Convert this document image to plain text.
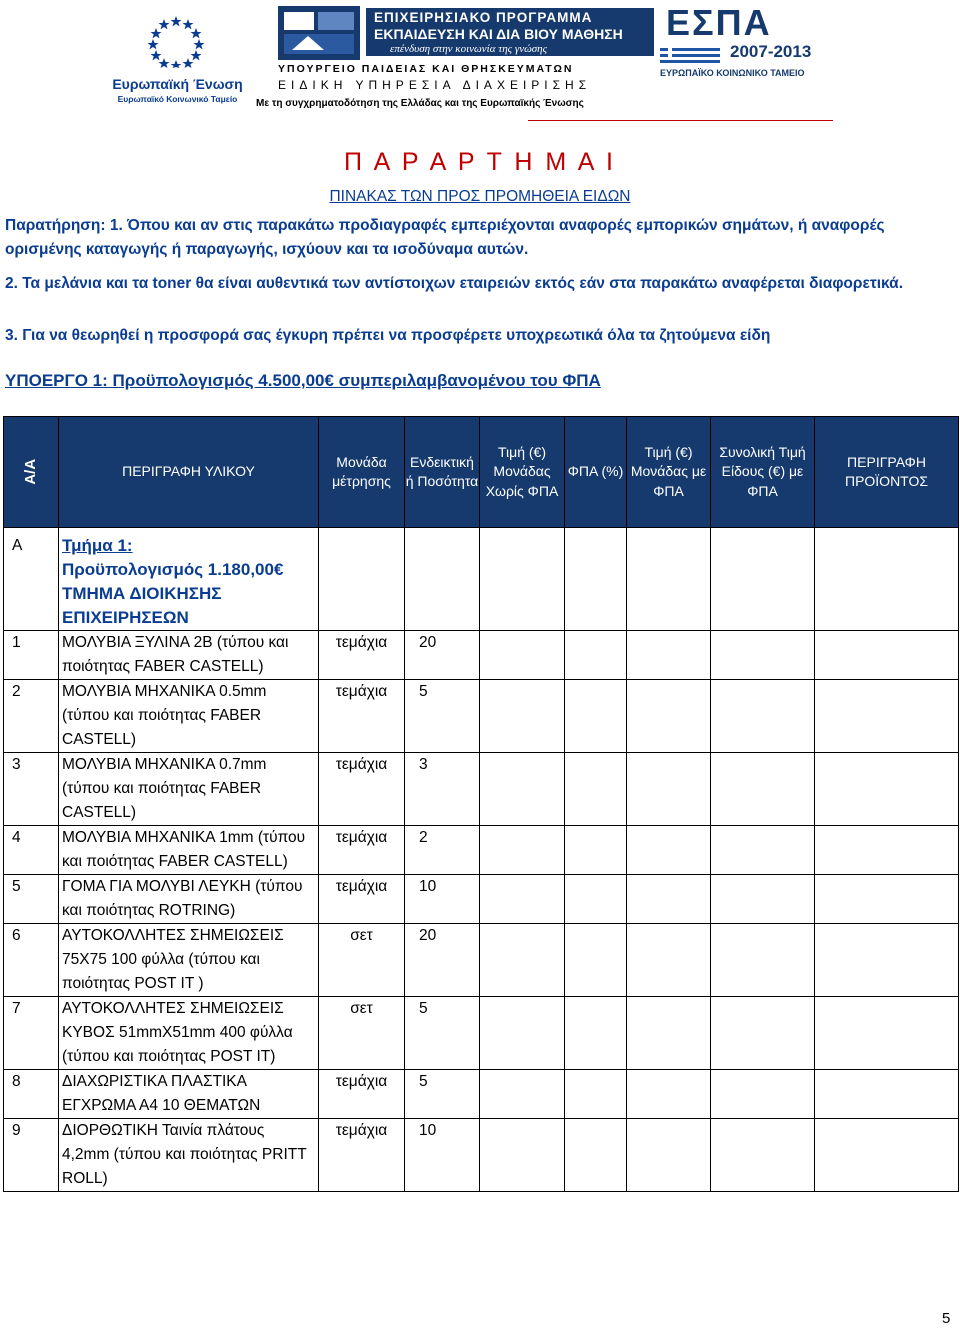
Ευρωπαϊκή Ένωση
Ευρωπαϊκό Κοινωνικό Ταμείο
ΕΠΙΧΕΙΡΗΣΙΑΚΟ ΠΡΟΓΡΑΜΜΑ
ΕΚΠΑΙΔΕΥΣΗ ΚΑΙ ΔΙΑ ΒΙΟΥ ΜΑΘΗΣΗ
επένδυση στην κοινωνία της γνώσης
ΥΠΟΥΡΓΕΙΟ ΠΑΙΔΕΙΑΣ ΚΑΙ ΘΡΗΣΚΕΥΜΑΤΩΝ
ΕΙΔΙΚΗ ΥΠΗΡΕΣΙΑ ΔΙΑΧΕΙΡΙΣΗΣ
Με τη συγχρηματοδότηση της Ελλάδας και της Ευρωπαϊκής Ένωσης
ΕΣΠΑ
2007-2013
ΕΥΡΩΠΑΪΚΟ ΚΟΙΝΩΝΙΚΟ ΤΑΜΕΙΟ
Π Α Ρ Α Ρ Τ Η Μ Α Ι
ΠΙΝΑΚΑΣ ΤΩΝ ΠΡΟΣ ΠΡΟΜΗΘΕΙΑ ΕΙΔΩΝ
Παρατήρηση: 1. Όπου και αν στις παρακάτω προδιαγραφές εμπεριέχονται αναφορές εμπορικών σημάτων, ή αναφορές ορισμένης καταγωγής ή παραγωγής, ισχύουν και τα ισοδύναμα αυτών.
2. Τα μελάνια και τα toner θα είναι αυθεντικά των αντίστοιχων εταιρειών εκτός εάν στα παρακάτω αναφέρεται διαφορετικά.
3. Για να θεωρηθεί η προσφορά σας έγκυρη πρέπει να προσφέρετε υποχρεωτικά όλα τα ζητούμενα είδη
ΥΠΟΕΡΓΟ 1: Προϋπολογισμός 4.500,00€ συμπεριλαμβανομένου του ΦΠΑ
Α/Α	ΠΕΡΙΓΡΑΦΗ ΥΛΙΚΟΥ	Μονάδα μέτρησης	Ενδεικτική ή Ποσότητα	Τιμή (€) Μονάδας Χωρίς ΦΠΑ	ΦΠΑ (%)	Τιμή (€) Μονάδας με ΦΠΑ	Συνολική Τιμή Είδους (€) με ΦΠΑ	ΠΕΡΙΓΡΑΦΗ ΠΡΟΪΟΝΤΟΣ
Α	Τμήμα 1:
Προϋπολογισμός 1.180,00€
ΤΜΗΜΑ ΔΙΟΙΚΗΣΗΣ ΕΠΙΧΕΙΡΗΣΕΩΝ							

1	ΜΟΛΥΒΙΑ ΞΥΛΙΝΑ 2Β (τύπου και ποιότητας FABER CASTELL)	τεμάχια	20					
2	ΜΟΛΥΒΙΑ ΜΗΧΑΝΙΚΑ 0.5mm (τύπου και ποιότητας FABER CASTELL)	τεμάχια	5					
3	ΜΟΛΥΒΙΑ ΜΗΧΑΝΙΚΑ 0.7mm (τύπου και ποιότητας FABER CASTELL)	τεμάχια	3					
4	ΜΟΛΥΒΙΑ ΜΗΧΑΝΙΚΑ 1mm (τύπου και ποιότητας FABER CASTELL)	τεμάχια	2					
5	ΓΟΜΑ ΓΙΑ ΜΟΛΥΒΙ ΛΕΥΚΗ (τύπου και ποιότητας ROTRING)	τεμάχια	10					
6	ΑΥΤΟΚΟΛΛΗΤΕΣ ΣΗΜΕΙΩΣΕΙΣ 75Χ75 100 φύλλα (τύπου και ποιότητας POST IT )	σετ	20					
7	ΑΥΤΟΚΟΛΛΗΤΕΣ ΣΗΜΕΙΩΣΕΙΣ ΚΥΒΟΣ 51mmX51mm 400 φύλλα (τύπου και ποιότητας POST IT)	σετ	5					
8	ΔΙΑΧΩΡΙΣΤΙΚΑ ΠΛΑΣΤΙΚΑ ΕΓΧΡΩΜΑ Α4 10 ΘΕΜΑΤΩΝ	τεμάχια	5					
9	ΔΙΟΡΘΩΤΙΚΗ Ταινία πλάτους 4,2mm (τύπου και ποιότητας PRITT ROLL)	τεμάχια	10					
5
